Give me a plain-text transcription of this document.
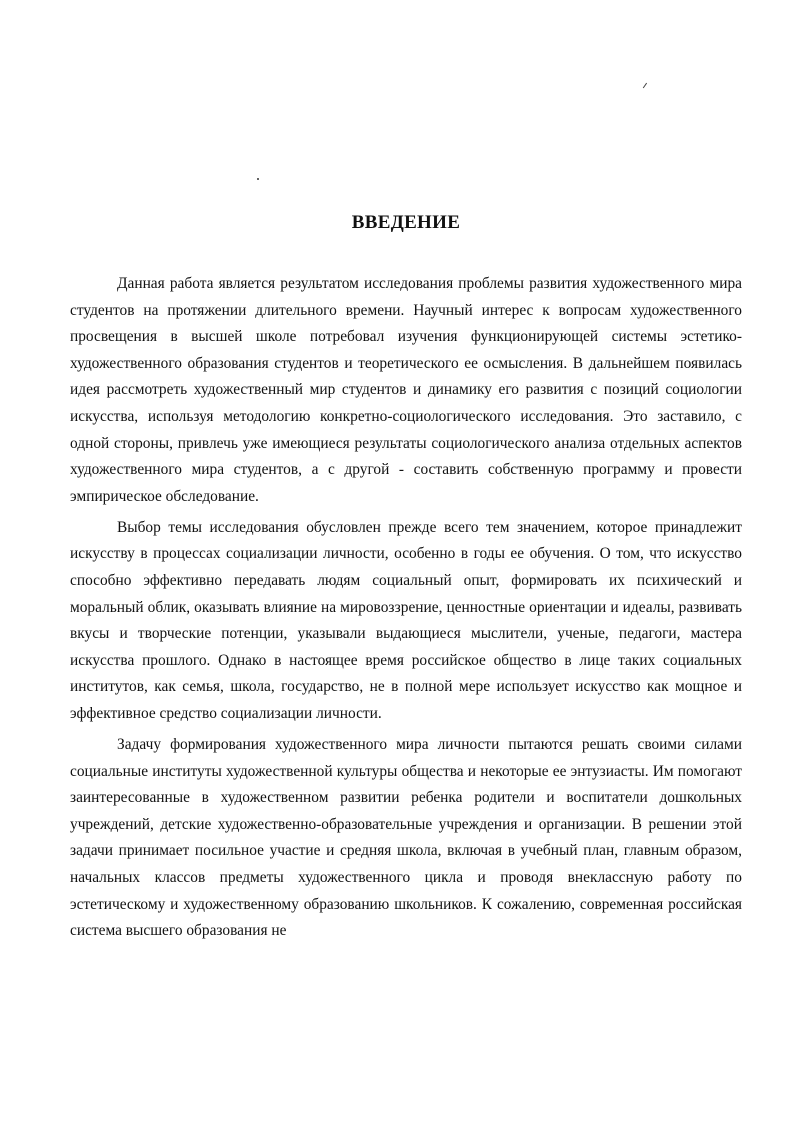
ВВЕДЕНИЕ

Данная работа является результатом исследования проблемы развития художественного мира студентов на протяжении длительного времени. Научный интерес к вопросам художественного просвещения в высшей школе потребовал изучения функционирующей системы эстетико-художественного образования студентов и теоретического ее осмысления. В дальнейшем появилась идея рассмотреть художественный мир студентов и динамику его развития с позиций социологии искусства, используя методологию конкретно-социологического исследования. Это заставило, с одной стороны, привлечь уже имеющиеся результаты социологического анализа отдельных аспектов художественного мира студентов, а с другой - составить собственную программу и провести эмпирическое обследование.

Выбор темы исследования обусловлен прежде всего тем значением, которое принадлежит искусству в процессах социализации личности, особенно в годы ее обучения. О том, что искусство способно эффективно передавать людям социальный опыт, формировать их психический и моральный облик, оказывать влияние на мировоззрение, ценностные ориентации и идеалы, развивать вкусы и творческие потенции, указывали выдающиеся мыслители, ученые, педагоги, мастера искусства прошлого. Однако в настоящее время российское общество в лице таких социальных институтов, как семья, школа, государство, не в полной мере использует искусство как мощное и эффективное средство социализации личности.

Задачу формирования художественного мира личности пытаются решать своими силами социальные институты художественной культуры общества и некоторые ее энтузиасты. Им помогают заинтересованные в художественном развитии ребенка родители и воспитатели дошкольных учреждений, детские художественно-образовательные учреждения и организации. В решении этой задачи принимает посильное участие и средняя школа, включая в учебный план, главным образом, начальных классов предметы художественного цикла и проводя внеклассную работу по эстетическому и художественному образованию школьников. К сожалению, современная российская система высшего образования не
